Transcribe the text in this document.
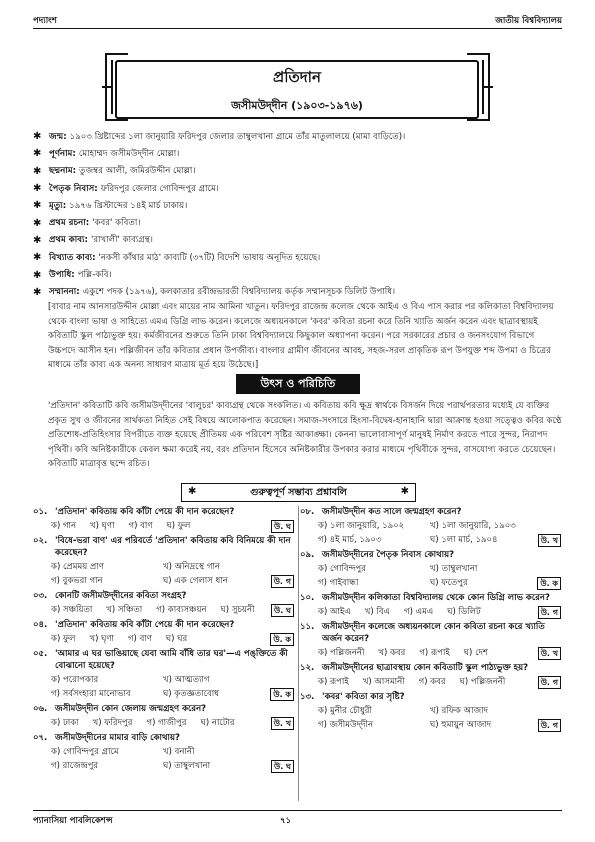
পদ্যাংশ	জাতীয় বিশ্ববিদ্যালয়
প্রতিদান
জসীমউদ্‌দীন (১৯০৩-১৯৭৬)
✱ জন্ম: ১৯০৩ খ্রিষ্টাব্দের ১লা জানুয়ারি ফরিদপুর জেলার তাম্বুলখানা গ্রামে তাঁর মাতুলালয়ে (মামা বাড়িতে)।
✱ পূর্ণনাম: মোহাম্মদ জসীমউদ্‌দীন মোল্লা।
✱ ছদ্মনাম: তুজম্বর আলী, জমিরউদ্দীন মোল্লা।
✱ পৈতৃক নিবাস: ফরিদপুর জেলার গোবিন্দপুর গ্রামে।
✱ মৃত্যু: ১৯৭৬ খ্রিস্টাব্দের ১৪ই মার্চ ঢাকায়।
✱ প্রথম রচনা: 'কবর' কবিতা।
✱ প্রথম কাব্য: 'রাখালী' কাব্যগ্রন্থ।
✱ বিখ্যাত কাব্য: 'নকসী কাঁথার মাঠ' কাব্যটি (৩৭টি) বিদেশি ভাষায় অনূদিত হয়েছে।
✱ উপাধি: পল্লি-কবি।
✱ সম্মাননা: একুশে পদক (১৯৭৬), কলকাতার রবীন্দ্রভারতী বিশ্ববিদ্যালয় কর্তৃক সম্মানসূচক ডিলিট উপাধি।
[বাবার নাম আনসারউদ্দীন মোল্লা এবং মায়ের নাম আমিনা খাতুন। ফরিদপুর রাজেন্দ্র কলেজ থেকে আইএ ও বিএ পাস করার পর কলিকাতা বিশ্ববিদ্যালয় থেকে বাংলা ভাষা ও সাহিত্যে এমএ ডিগ্রি লাভ করেন। কলেজে অধ্যয়নকালে 'কবর' কবিতা রচনা করে তিনি খ্যাতি অর্জন করেন এবং ছাত্রাবস্থায়ই কবিতাটি স্কুল পাঠ্যভুক্ত হয়। কর্মজীবনের শুরুতে তিনি ঢাকা বিশ্ববিদ্যালয়ে কিছুকাল অধ্যাপনা করেন। পরে সরকারের প্রচার ও জনসংযোগ বিভাগে উচ্চপদে আসীন হন। পল্লিজীবন তাঁর কবিতার প্রধান উপজীব্য। বাংলার গ্রামীণ জীবনের আবহ, সহজ-সরল প্রাকৃতিক রূপ উপযুক্ত শব্দ উপমা ও চিত্রের মাধ্যমে তাঁর কাব্য এক অনন্য সাধারণ মাত্রায় মূর্ত হয়ে উঠেছে।]
উৎস ও পরিচিতি
'প্রতিদান' কবিতাটি কবি জসীমউদ্‌দীনের 'বালুচর' কাব্যগ্রন্থ থেকে সংকলিত। এ কবিতায় কবি ক্ষুদ্র স্বার্থকে বিসর্জন দিয়ে পরার্থপরতার মধ্যেই যে ব্যক্তির প্রকৃত সুখ ও জীবনের সার্থকতা নিহিত সেই বিষয়ে আলোকপাত করেছেন। সমাজ-সংসারে হিংসা-বিদ্বেষ-হানাহানি দ্বারা আক্রান্ত হওয়া সত্ত্বেও কবির কণ্ঠে প্রতিশোধ-প্রতিহিংসার বিপরীতে ব্যক্ত হয়েছে প্রীতিময় এক পরিবেশ সৃষ্টির আকাঙ্ক্ষা। কেননা ভালোবাসাপূর্ণ মানুষই নির্মাণ করতে পারে সুন্দর, নিরাপদ পৃথিবী। কবি অনিষ্টকারীকে কেবল ক্ষমা করেই নয়, বরং প্রতিদান হিসেবে অনিষ্টকারীর উপকার করার মাধ্যমে পৃথিবীকে সুন্দর, বাসযোগ্য করতে চেয়েছেন। কবিতাটি মাত্রাবৃত্ত ছন্দে রচিত।
✱	গুরুত্বপূর্ণ সম্ভাব্য প্রশ্নাবলি	✱
০১. 'প্রতিদান' কবিতায় কবি কাঁটা পেয়ে কী দান করেছেন?
ক) গান খ) ঘৃণা গ) বাণ ঘ) ফুল	উ. ঘ
০২. 'বিষে-ভরা বাণ' এর পরিবর্তে 'প্রতিদান' কবিতায় কবি বিনিময়ে কী দান করেছেন?
ক) প্রেমময় প্রাণ	খ) অনিদ্রস্থে গান
গ) বুকভরা গান	ঘ) এক গেলাস ধান	উ. গ
০৩. কোনটি জসীমউদ্‌দীনের কবিতা সংগ্রহ?
ক) সঞ্চয়িতা খ) সঞ্চিতা গ) কাব্যসঞ্চয়ন ঘ) সুচয়নী	উ. ঘ
০৪. 'প্রতিদান' কবিতায় কবি কাঁটা পেয়ে কী দান করেছেন?
ক) ফুল খ) ঘৃণা গ) বাণ ঘ) ঘর	উ. ক
০৫. 'আমার এ ঘর ভাঙিয়াছে যেবা আমি বাঁধি তার ঘর'—এ পঙ্‌ক্তিতে কী বোঝানো হয়েছে?
ক) পরোপকার	খ) আত্মত্যাগ
গ) সর্বসংহারা মানোভাব	ঘ) কৃতজ্ঞতাবোধ	উ. ক
০৬. জসীমউদ্‌দীন কোন জেলায় জন্মগ্রহণ করেন?
ক) ঢাকা খ) ফরিদপুর গ) গাজীপুর ঘ) নাটোর	উ. খ
০৭. জসীমউদ্‌দীনের মামার বাড়ি কোথায়?
ক) গোবিন্দপুর গ্রামে	খ) বনানী
গ) রাজেন্দ্রপুর	ঘ) তাম্বুলখানা	উ. ঘ
০৮. জসীমউদ্‌দীন কত সালে জন্মগ্রহণ করেন?
ক) ১লা জানুয়ারি, ১৯০২	খ) ১লা জানুয়ারি, ১৯০৩
গ) ৪ই মার্চ, ১৯০৩	ঘ) ১লা মার্চ, ১৯০৪	উ. খ
০৯. জসীমউদ্‌দীনের পৈতৃক নিবাস কোথায়?
ক) গোবিন্দপুর	খ) তাম্বুলখানা
গ) গাইবান্ধা	ঘ) ফতেপুর	উ. ক
১০. জসীমউদ্‌দীন কলিকাতা বিশ্ববিদ্যালয় থেকে কোন ডিগ্রি লাভ করেন?
ক) আইএ খ) বিএ গ) এমএ ঘ) ডিলিট	উ. গ
১১. জসীমউদ্‌দীন কলেজে অধ্যয়নকালে কোন কবিতা রচনা করে খ্যাতি অর্জন করেন?
ক) পল্লিজননী খ) কবর গ) রূপাই ঘ) দেশ	উ. খ
১২. জসীমউদ্‌দীনের ছাত্রাবস্থায় কোন কবিতাটি স্কুল পাঠ্যভুক্ত হয়?
ক) রূপাই খ) আসমানী গ) কবর ঘ) পল্লিজননী	উ. গ
১৩. 'কবর' কবিতা কার সৃষ্টি?
ক) মুনীর চৌধুরী	খ) রফিক আজাদ
গ) জসীমউদ্‌দীন	ঘ) হুমায়ুন আজাদ	উ. গ
প্যানাসিয়া পাবলিকেশন্স	৭১
